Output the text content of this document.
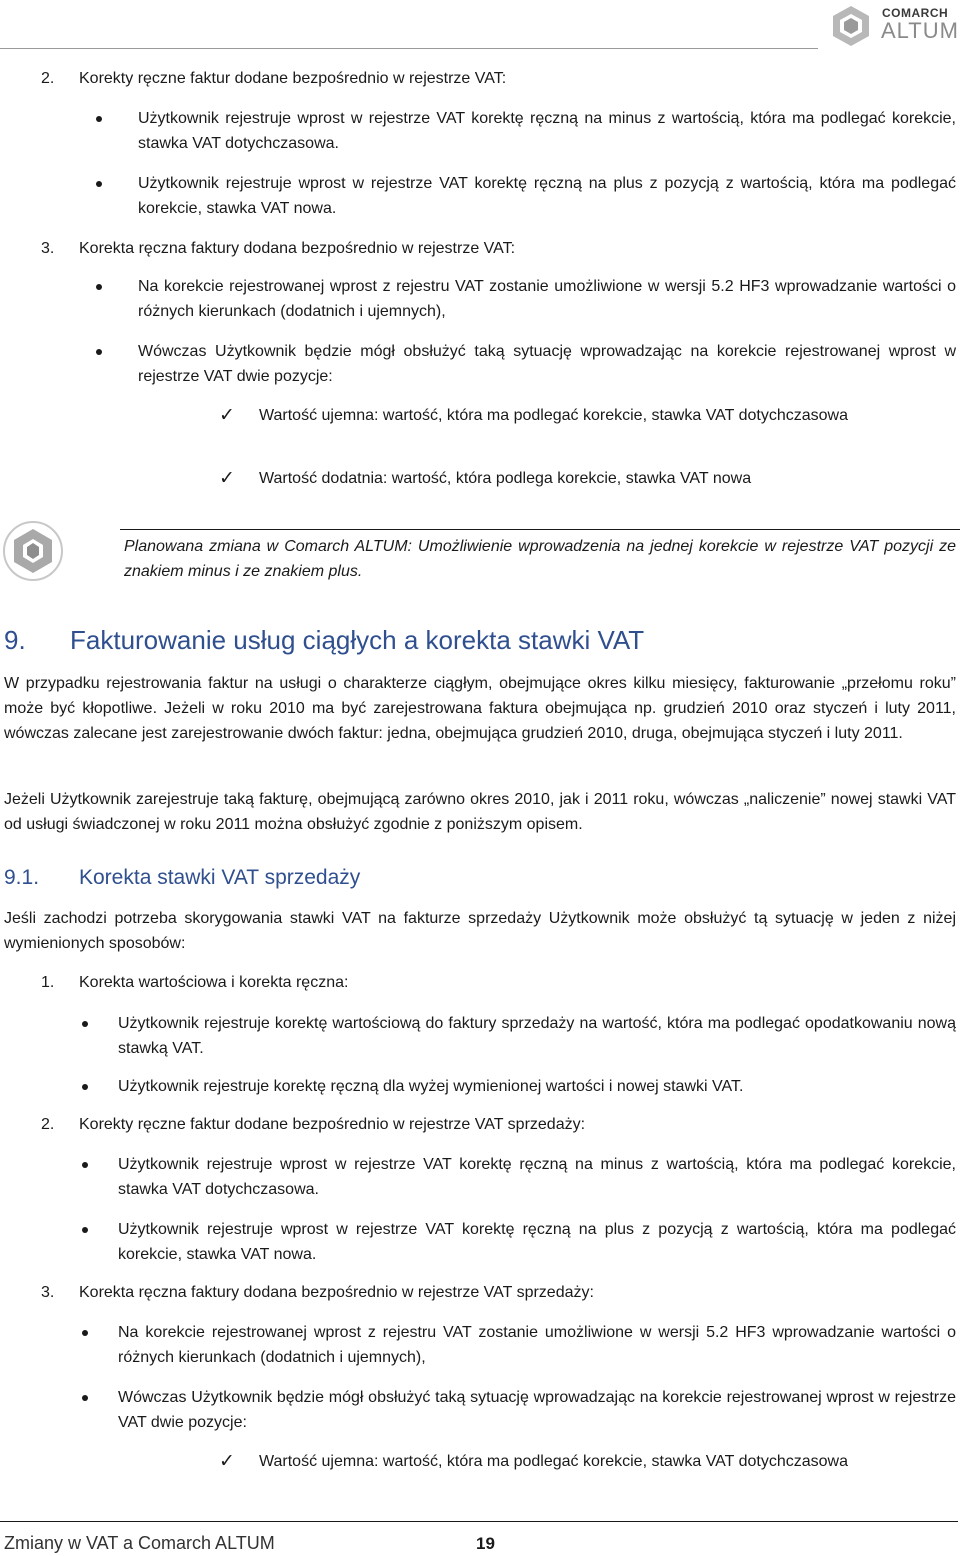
COMARCH
ALTUM
2. Korekty ręczne faktur dodane bezpośrednio w rejestrze VAT:
Użytkownik rejestruje wprost w rejestrze VAT korektę ręczną na minus z wartością, która ma podlegać korekcie, stawka VAT dotychczasowa.
Użytkownik rejestruje wprost w rejestrze VAT korektę ręczną na plus z pozycją z wartością, która ma podlegać korekcie, stawka VAT nowa.
3. Korekta ręczna faktury dodana bezpośrednio w rejestrze VAT:
Na korekcie rejestrowanej wprost z rejestru VAT zostanie umożliwione w wersji 5.2 HF3 wprowadzanie wartości o różnych kierunkach (dodatnich i ujemnych),
Wówczas Użytkownik będzie mógł obsłużyć taką sytuację wprowadzając na korekcie rejestrowanej wprost w rejestrze VAT dwie pozycje:
✓ Wartość ujemna: wartość, która ma podlegać korekcie, stawka VAT dotychczasowa
✓ Wartość dodatnia: wartość, która podlega korekcie, stawka VAT nowa
Planowana zmiana w Comarch ALTUM: Umożliwienie wprowadzenia na jednej korekcie w rejestrze VAT pozycji ze znakiem minus i ze znakiem plus.
9. Fakturowanie usług ciągłych a korekta stawki VAT
W przypadku rejestrowania faktur na usługi o charakterze ciągłym, obejmujące okres kilku miesięcy, fakturowanie „przełomu roku” może być kłopotliwe. Jeżeli w roku 2010 ma być zarejestrowana faktura obejmująca np. grudzień 2010 oraz styczeń i luty 2011, wówczas zalecane jest zarejestrowanie dwóch faktur: jedna, obejmująca grudzień 2010, druga, obejmująca styczeń i luty 2011.
Jeżeli Użytkownik zarejestruje taką fakturę, obejmującą zarówno okres 2010, jak i 2011 roku, wówczas „naliczenie” nowej stawki VAT od usługi świadczonej w roku 2011 można obsłużyć zgodnie z poniższym opisem.
9.1. Korekta stawki VAT sprzedaży
Jeśli zachodzi potrzeba skorygowania stawki VAT na fakturze sprzedaży Użytkownik może obsłużyć tą sytuację w jeden z niżej wymienionych sposobów:
1. Korekta wartościowa i korekta ręczna:
Użytkownik rejestruje korektę wartościową do faktury sprzedaży na wartość, która ma podlegać opodatkowaniu nową stawką VAT.
Użytkownik rejestruje korektę ręczną dla wyżej wymienionej wartości i nowej stawki VAT.
2. Korekty ręczne faktur dodane bezpośrednio w rejestrze VAT sprzedaży:
Użytkownik rejestruje wprost w rejestrze VAT korektę ręczną na minus z wartością, która ma podlegać korekcie, stawka VAT dotychczasowa.
Użytkownik rejestruje wprost w rejestrze VAT korektę ręczną na plus z pozycją z wartością, która ma podlegać korekcie, stawka VAT nowa.
3. Korekta ręczna faktury dodana bezpośrednio w rejestrze VAT sprzedaży:
Na korekcie rejestrowanej wprost z rejestru VAT zostanie umożliwione w wersji 5.2 HF3 wprowadzanie wartości o różnych kierunkach (dodatnich i ujemnych),
Wówczas Użytkownik będzie mógł obsłużyć taką sytuację wprowadzając na korekcie rejestrowanej wprost w rejestrze VAT dwie pozycje:
✓ Wartość ujemna: wartość, która ma podlegać korekcie, stawka VAT dotychczasowa
Zmiany w VAT a Comarch ALTUM	19
